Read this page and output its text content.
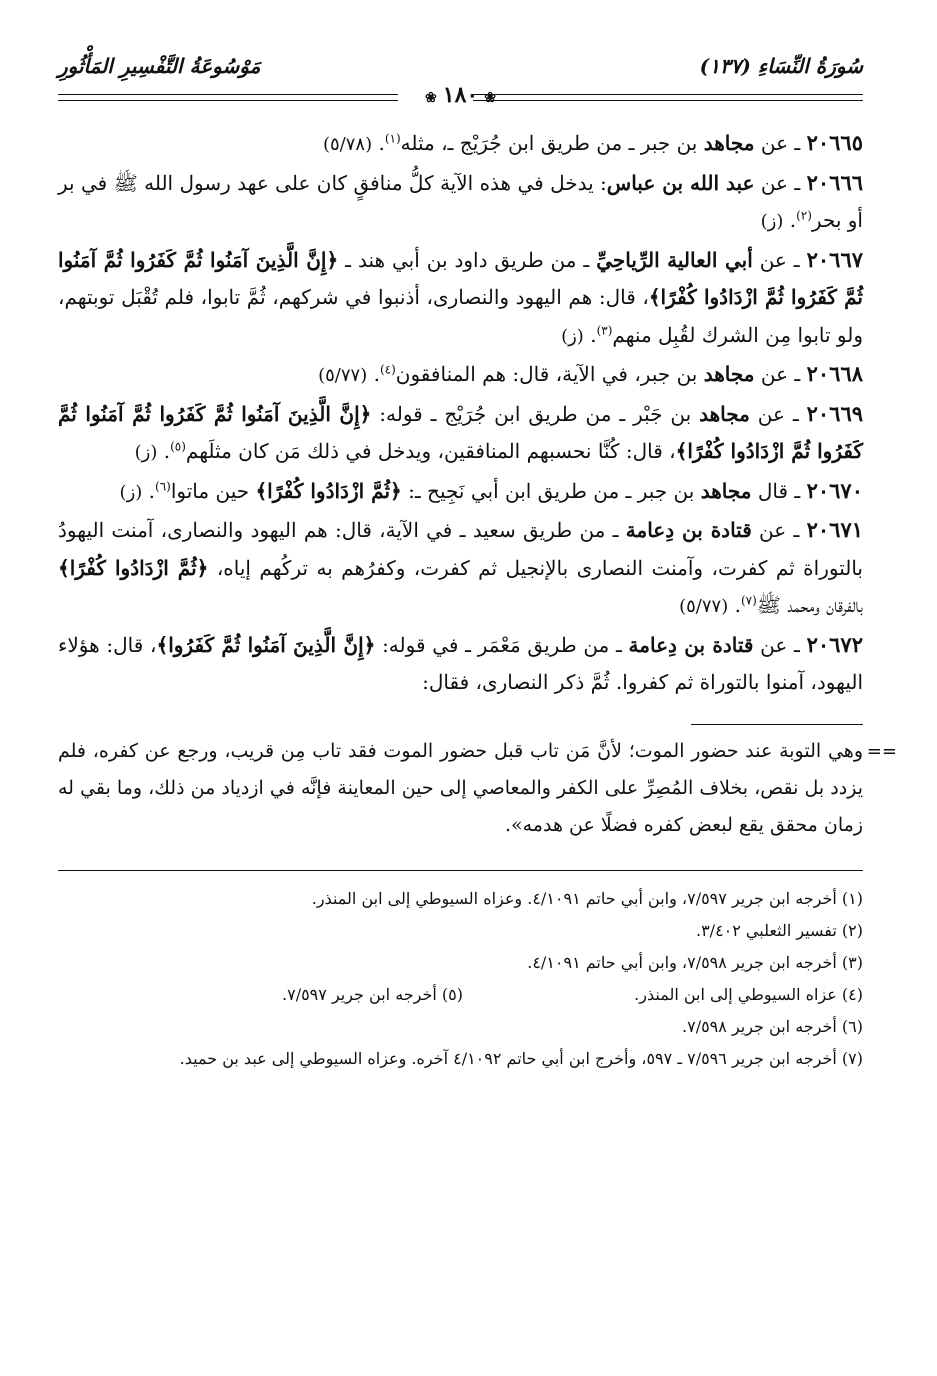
سُورَةُ النِّسَاءِ (١٣٧)
مَوْسُوعَةُ التَّفْسِيرِ المَأْثُورِ
❀١٨٠❀

٢٠٦٦٥ ـ عن مجاهد بن جبر ـ من طريق ابن جُرَيْج ـ، مثله$^{(١)}$. (٥/٧٨)

٢٠٦٦٦ ـ عن عبد الله بن عباس: يدخل في هذه الآية كلُّ منافقٍ كان على عهد رسول الله ﷺ في بر أو بحر$^{(٢)}$. (ز)

٢٠٦٦٧ ـ عن أبي العالية الرِّياحِيِّ ـ من طريق داود بن أبي هند ـ ﴿إِنَّ الَّذِينَ آمَنُوا ثُمَّ كَفَرُوا ثُمَّ آمَنُوا ثُمَّ كَفَرُوا ثُمَّ ازْدَادُوا كُفْرًا﴾، قال: هم اليهود والنصارى، أذنبوا في شركهم، ثُمَّ تابوا، فلم تُقْبَل توبتهم، ولو تابوا مِن الشرك لقُبِل منهم$^{(٣)}$. (ز)

٢٠٦٦٨ ـ عن مجاهد بن جبر، في الآية، قال: هم المنافقون$^{(٤)}$. (٥/٧٧)

٢٠٦٦٩ ـ عن مجاهد بن جَبْر ـ من طريق ابن جُرَيْج ـ قوله: ﴿إِنَّ الَّذِينَ آمَنُوا ثُمَّ كَفَرُوا ثُمَّ آمَنُوا ثُمَّ كَفَرُوا ثُمَّ ازْدَادُوا كُفْرًا﴾، قال: كُنَّا نحسبهم المنافقين، ويدخل في ذلك مَن كان مثلَهم$^{(٥)}$. (ز)

٢٠٦٧٠ ـ قال مجاهد بن جبر ـ من طريق ابن أبي نَجِيح ـ: ﴿ثُمَّ ازْدَادُوا كُفْرًا﴾ حين ماتوا$^{(٦)}$. (ز)

٢٠٦٧١ ـ عن قتادة بن دِعامة ـ من طريق سعيد ـ في الآية، قال: هم اليهود والنصارى، آمنت اليهودُ بالتوراة ثم كفرت، وآمنت النصارى بالإنجيل ثم كفرت، وكفرُهم به تركُهم إياه، ﴿ثُمَّ ازْدَادُوا كُفْرًا﴾ بالفرقان ومحمد ﷺ$^{(٧)}$. (٥/٧٧)

٢٠٦٧٢ ـ عن قتادة بن دِعامة ـ من طريق مَعْمَر ـ في قوله: ﴿إِنَّ الَّذِينَ آمَنُوا ثُمَّ كَفَرُوا﴾، قال: هؤلاء اليهود، آمنوا بالتوراة ثم كفروا. ثُمَّ ذكر النصارى، فقال:

==
وهي التوبة عند حضور الموت؛ لأنَّ مَن تاب قبل حضور الموت فقد تاب مِن قريب، ورجع عن كفره، فلم يزدد بل نقص، بخلاف المُصِرِّ على الكفر والمعاصي إلى حين المعاينة فإنَّه في ازدياد من ذلك، وما بقي له زمان محقق يقع لبعض كفره فضلًا عن هدمه».

(١) أخرجه ابن جرير ٧/٥٩٧، وابن أبي حاتم ٤/١٠٩١. وعزاه السيوطي إلى ابن المنذر.

(٢) تفسير الثعلبي ٣/٤٠٢.

(٣) أخرجه ابن جرير ٧/٥٩٨، وابن أبي حاتم ٤/١٠٩١.

(٤) عزاه السيوطي إلى ابن المنذر.

(٥) أخرجه ابن جرير ٧/٥٩٧.

(٦) أخرجه ابن جرير ٧/٥٩٨.

(٧) أخرجه ابن جرير ٧/٥٩٦ ـ ٥٩٧، وأخرج ابن أبي حاتم ٤/١٠٩٢ آخره. وعزاه السيوطي إلى عبد بن حميد.
